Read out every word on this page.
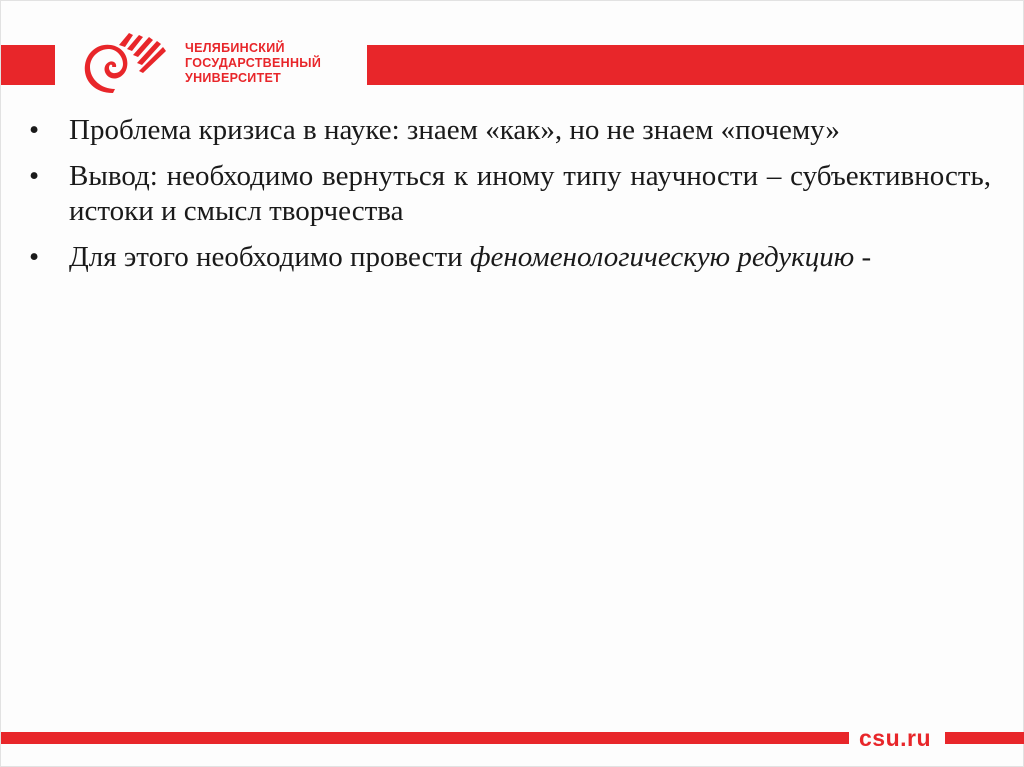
ЧЕЛЯБИНСКИЙ
ГОСУДАРСТВЕННЫЙ
УНИВЕРСИТЕТ
•	Проблема кризиса в науке: знаем «как», но не знаем «почему»
•	Вывод: необходимо вернуться к иному типу научности – субъективность, истоки и смысл творчества
•	Для этого необходимо провести феноменологическую редукцию -
csu.ru
